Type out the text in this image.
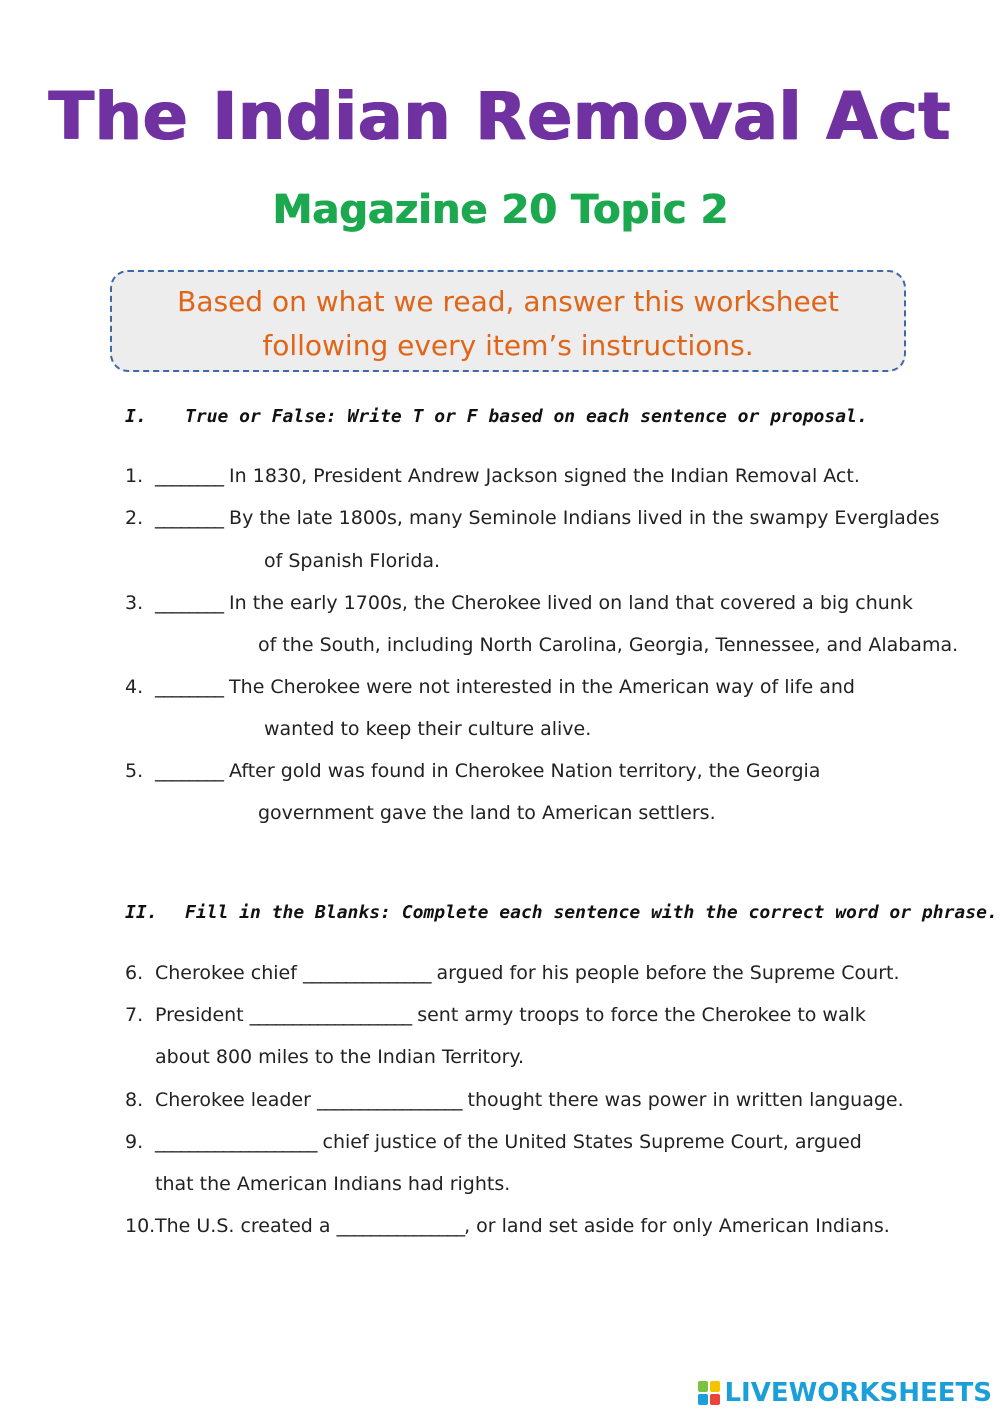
The Indian Removal Act
Magazine 20 Topic 2
Based on what we read, answer this worksheet
following every item’s instructions.
I. True or False: Write T or F based on each sentence or proposal.
1. ________ In 1830, President Andrew Jackson signed the Indian Removal Act.
2. ________ By the late 1800s, many Seminole Indians lived in the swampy Everglades
of Spanish Florida.
3. ________ In the early 1700s, the Cherokee lived on land that covered a big chunk
of the South, including North Carolina, Georgia, Tennessee, and Alabama.
4. ________ The Cherokee were not interested in the American way of life and
wanted to keep their culture alive.
5. ________ After gold was found in Cherokee Nation territory, the Georgia
government gave the land to American settlers.
II. Fill in the Blanks: Complete each sentence with the correct word or phrase.
6. Cherokee chief _______________ argued for his people before the Supreme Court.
7. President ___________________ sent army troops to force the Cherokee to walk
about 800 miles to the Indian Territory.
8. Cherokee leader _________________ thought there was power in written language.
9. ___________________ chief justice of the United States Supreme Court, argued
that the American Indians had rights.
10.The U.S. created a _______________, or land set aside for only American Indians.
LIVEWORKSHEETS
